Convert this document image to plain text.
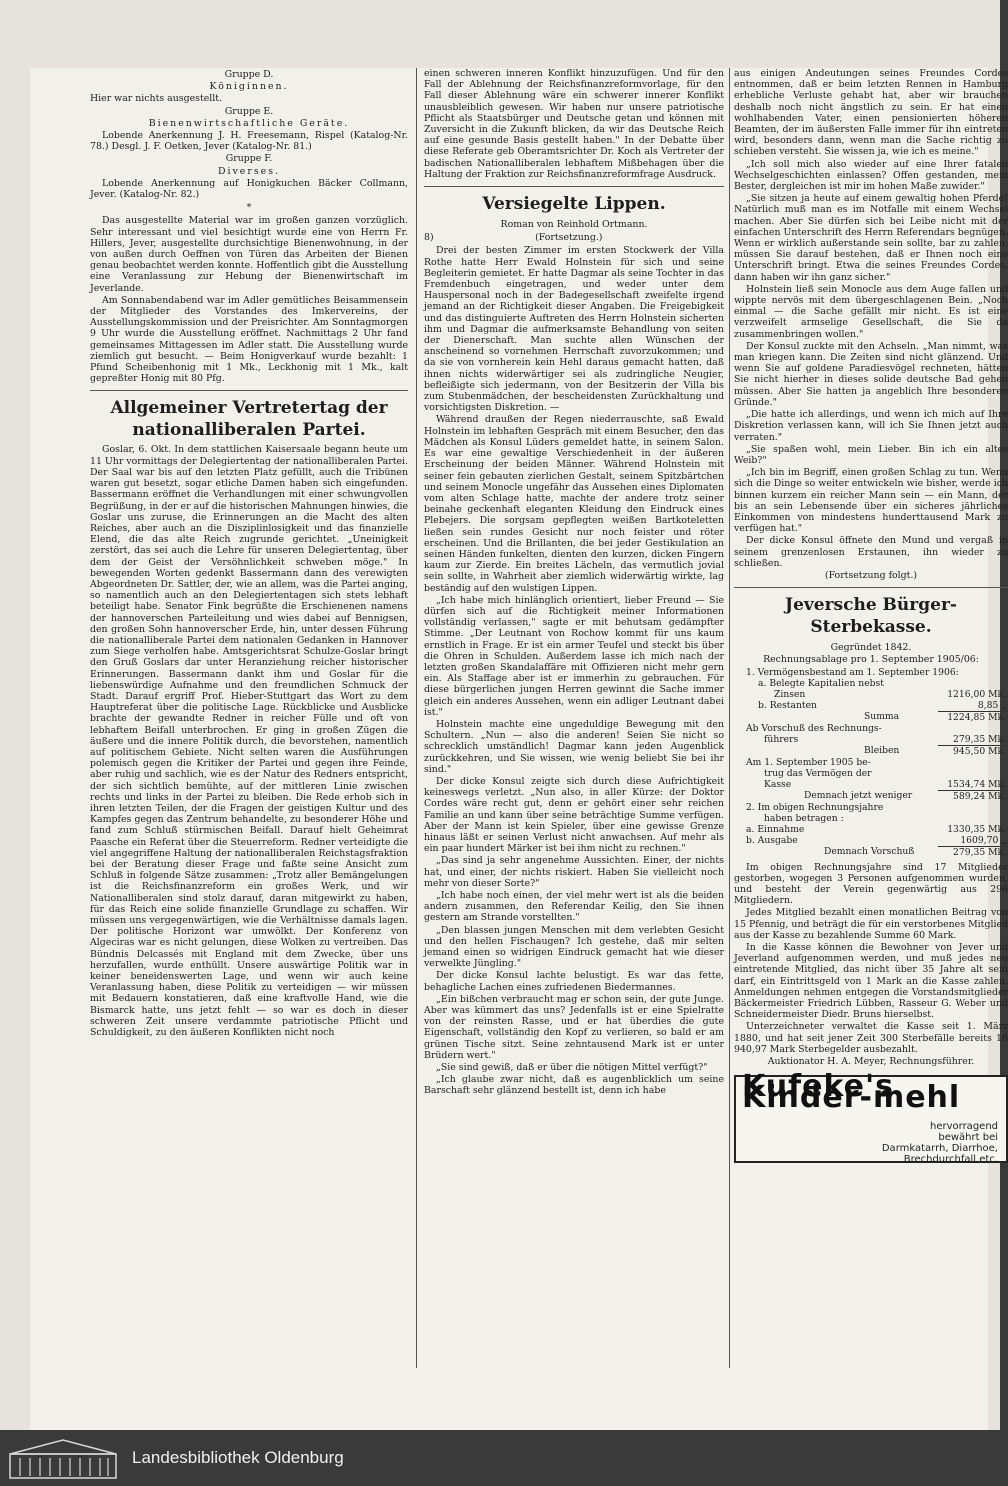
Gruppe D.
Königinnen.

Hier war nichts ausgestellt.

Gruppe E.
Bienenwirtschaftliche Geräte.

Lobende Anerkennung J. H. Freesemann, Rispel (Katalog-Nr. 78.) Desgl. J. F. Oetken, Jever (Katalog-Nr. 81.)

Gruppe F.
Diverses.

Lobende Anerkennung auf Honigkuchen Bäcker Collmann, Jever. (Katalog-Nr. 82.)

*

Das ausgestellte Material war im großen ganzen vorzüglich. Sehr interessant und viel besichtigt wurde eine von Herrn Fr. Hillers, Jever, ausgestellte durchsichtige Bienenwohnung, in der von außen durch Oeffnen von Türen das Arbeiten der Bienen genau beobachtet werden konnte. Hoffentlich gibt die Ausstellung eine Veranlassung zur Hebung der Bienenwirtschaft im Jeverlande.

Am Sonnabendabend war im Adler gemütliches Beisammensein der Mitglieder des Vorstandes des Imkervereins, der Ausstellungskommission und der Preisrichter. Am Sonntagmorgen 9 Uhr wurde die Ausstellung eröffnet. Nachmittags 2 Uhr fand gemeinsames Mittagessen im Adler statt. Die Ausstellung wurde ziemlich gut besucht. — Beim Honigverkauf wurde bezahlt: 1 Pfund Scheibenhonig mit 1 Mk., Leckhonig mit 1 Mk., kalt gepreßter Honig mit 80 Pfg.

Allgemeiner Vertretertag der nationalliberalen Partei.

Goslar, 6. Okt. In dem stattlichen Kaisersaale begann heute um 11 Uhr vormittags der Delegiertentag der nationalliberalen Partei. Der Saal war bis auf den letzten Platz gefüllt, auch die Tribünen waren gut besetzt, sogar etliche Damen haben sich eingefunden. Bassermann eröffnet die Verhandlungen mit einer schwungvollen Begrüßung, in der er auf die historischen Mahnungen hinwies, die Goslar uns zuruse, die Erinnerungen an die Macht des alten Reiches, aber auch an die Disziplinlosigkeit und das finanzielle Elend, die das alte Reich zugrunde gerichtet. „Uneinigkeit zerstört, das sei auch die Lehre für unseren Delegiertentag, über dem der Geist der Versöhnlichkeit schweben möge." In bewegenden Worten gedenkt Bassermann dann des verewigten Abgeordneten Dr. Sattler, der, wie an allem, was die Partei anging, so namentlich auch an den Delegiertentagen sich stets lebhaft beteiligt habe. Senator Fink begrüßte die Erschienenen namens der hannoverschen Parteileitung und wies dabei auf Bennigsen, den großen Sohn hannoverscher Erde, hin, unter dessen Führung die nationalliberale Partei dem nationalen Gedanken in Hannover zum Siege verholfen habe. Amtsgerichtsrat Schulze-Goslar bringt den Gruß Goslars dar unter Heranziehung reicher historischer Erinnerungen. Bassermann dankt ihm und Goslar für die liebenswürdige Aufnahme und den freundlichen Schmuck der Stadt. Darauf ergriff Prof. Hieber-Stuttgart das Wort zu dem Hauptreferat über die politische Lage. Rückblicke und Ausblicke brachte der gewandte Redner in reicher Fülle und oft von lebhaftem Beifall unterbrochen. Er ging in großen Zügen die äußere und die innere Politik durch, die bevorstehen, namentlich auf politischem Gebiete. Nicht selten waren die Ausführungen polemisch gegen die Kritiker der Partei und gegen ihre Feinde, aber ruhig und sachlich, wie es der Natur des Redners entspricht, der sich sichtlich bemühte, auf der mittleren Linie zwischen rechts und links in der Partei zu bleiben. Die Rede erhob sich in ihren letzten Teilen, der die Fragen der geistigen Kultur und des Kampfes gegen das Zentrum behandelte, zu besonderer Höhe und fand zum Schluß stürmischen Beifall. Darauf hielt Geheimrat Paasche ein Referat über die Steuerreform. Redner verteidigte die viel angegriffene Haltung der nationalliberalen Reichstagsfraktion bei der Beratung dieser Frage und faßte seine Ansicht zum Schluß in folgende Sätze zusammen: „Trotz aller Bemängelungen ist die Reichsfinanzreform ein großes Werk, und wir Nationalliberalen sind stolz darauf, daran mitgewirkt zu haben, für das Reich eine solide finanzielle Grundlage zu schaffen. Wir müssen uns vergegenwärtigen, wie die Verhältnisse damals lagen. Der politische Horizont war umwölkt. Der Konferenz von Algeciras war es nicht gelungen, diese Wolken zu vertreiben. Das Bündnis Delcassés mit England mit dem Zwecke, über uns herzufallen, wurde enthüllt. Unsere auswärtige Politik war in keiner beneidenswerten Lage, und wenn wir auch keine Veranlassung haben, diese Politik zu verteidigen — wir müssen mit Bedauern konstatieren, daß eine kraftvolle Hand, wie die Bismarck hatte, uns jetzt fehlt — so war es doch in dieser schweren Zeit unsere verdammte patriotische Pflicht und Schuldigkeit, zu den äußeren Konflikten nicht noch

einen schweren inneren Konflikt hinzuzufügen. Und für den Fall der Ablehnung der Reichsfinanzreformvorlage, für den Fall dieser Ablehnung wäre ein schwerer innerer Konflikt unausbleiblich gewesen. Wir haben nur unsere patriotische Pflicht als Staatsbürger und Deutsche getan und können mit Zuversicht in die Zukunft blicken, da wir das Deutsche Reich auf eine gesunde Basis gestellt haben." In der Debatte über diese Referate geb Oberamtsrichter Dr. Koch als Vertreter der badischen Nationalliberalen lebhaftem Mißbehagen über die Haltung der Fraktion zur Reichsfinanzreformfrage Ausdruck.

Versiegelte Lippen.
Roman von Reinhold Ortmann.
8)	(Fortsetzung.)

Drei der besten Zimmer im ersten Stockwerk der Villa Rothe hatte Herr Ewald Holnstein für sich und seine Begleiterin gemietet. Er hatte Dagmar als seine Tochter in das Fremdenbuch eingetragen, und weder unter dem Hauspersonal noch in der Badegesellschaft zweifelte irgend jemand an der Richtigkeit dieser Angaben. Die Freigebigkeit und das distinguierte Auftreten des Herrn Holnstein sicherten ihm und Dagmar die aufmerksamste Behandlung von seiten der Dienerschaft. Man suchte allen Wünschen der anscheinend so vornehmen Herrschaft zuvorzukommen; und da sie von vornherein kein Hehl daraus gemacht hatten, daß ihnen nichts widerwärtiger sei als zudringliche Neugier, befleißigte sich jedermann, von der Besitzerin der Villa bis zum Stubenmädchen, der bescheidensten Zurückhaltung und vorsichtigsten Diskretion. —

Während draußen der Regen niederrauschte, saß Ewald Holnstein im lebhaften Gespräch mit einem Besucher, den das Mädchen als Konsul Lüders gemeldet hatte, in seinem Salon. Es war eine gewaltige Verschiedenheit in der äußeren Erscheinung der beiden Männer. Während Holnstein mit seiner fein gebauten zierlichen Gestalt, seinem Spitzbärtchen und seinem Monocle ungefähr das Aussehen eines Diplomaten vom alten Schlage hatte, machte der andere trotz seiner beinahe geckenhaft eleganten Kleidung den Eindruck eines Plebejers. Die sorgsam gepflegten weißen Bartkoteletten ließen sein rundes Gesicht nur noch feister und röter erscheinen. Und die Brillanten, die bei jeder Gestikulation an seinen Händen funkelten, dienten den kurzen, dicken Fingern kaum zur Zierde. Ein breites Lächeln, das vermutlich jovial sein sollte, in Wahrheit aber ziemlich widerwärtig wirkte, lag beständig auf den wulstigen Lippen.

„Ich habe mich hinlänglich orientiert, lieber Freund — Sie dürfen sich auf die Richtigkeit meiner Informationen vollständig verlassen," sagte er mit behutsam gedämpfter Stimme. „Der Leutnant von Rochow kommt für uns kaum ernstlich in Frage. Er ist ein armer Teufel und steckt bis über die Ohren in Schulden. Außerdem lasse ich mich nach der letzten großen Skandalaffäre mit Offizieren nicht mehr gern ein. Als Staffage aber ist er immerhin zu gebrauchen. Für diese bürgerlichen jungen Herren gewinnt die Sache immer gleich ein anderes Aussehen, wenn ein adliger Leutnant dabei ist."

Holnstein machte eine ungeduldige Bewegung mit den Schultern. „Nun — also die anderen! Seien Sie nicht so schrecklich umständlich! Dagmar kann jeden Augenblick zurückkehren, und Sie wissen, wie wenig beliebt Sie bei ihr sind."

Der dicke Konsul zeigte sich durch diese Aufrichtigkeit keineswegs verletzt. „Nun also, in aller Kürze: der Doktor Cordes wäre recht gut, denn er gehört einer sehr reichen Familie an und kann über seine beträchtige Summe verfügen. Aber der Mann ist kein Spieler, über eine gewisse Grenze hinaus läßt er seinen Verlust nicht anwachsen. Auf mehr als ein paar hundert Märker ist bei ihm nicht zu rechnen."

„Das sind ja sehr angenehme Aussichten. Einer, der nichts hat, und einer, der nichts riskiert. Haben Sie vielleicht noch mehr von dieser Sorte?"

„Ich habe noch einen, der viel mehr wert ist als die beiden andern zusammen, den Referendar Keilig, den Sie ihnen gestern am Strande vorstellten."

„Den blassen jungen Menschen mit dem verlebten Gesicht und den hellen Fischaugen? Ich gestehe, daß mir selten jemand einen so widrigen Eindruck gemacht hat wie dieser verwelkte Jüngling."

Der dicke Konsul lachte belustigt. Es war das fette, behagliche Lachen eines zufriedenen Biedermannes.

„Ein bißchen verbraucht mag er schon sein, der gute Junge. Aber was kümmert das uns? Jedenfalls ist er eine Spielratte von der reinsten Rasse, und er hat überdies die gute Eigenschaft, vollständig den Kopf zu verlieren, so bald er am grünen Tische sitzt. Seine zehntausend Mark ist er unter Brüdern wert."

„Sie sind gewiß, daß er über die nötigen Mittel verfügt?"

„Ich glaube zwar nicht, daß es augenblicklich um seine Barschaft sehr glänzend bestellt ist, denn ich habe

aus einigen Andeutungen seines Freundes Cordes entnommen, daß er beim letzten Rennen in Hamburg erhebliche Verluste gehabt hat, aber wir brauchen deshalb noch nicht ängstlich zu sein. Er hat einen wohlhabenden Vater, einen pensionierten höheren Beamten, der im äußersten Falle immer für ihn eintreten wird, besonders dann, wenn man die Sache richtig zu schieben versteht. Sie wissen ja, wie ich es meine."

„Ich soll mich also wieder auf eine Ihrer fatalen Wechselgeschichten einlassen? Offen gestanden, mein Bester, dergleichen ist mir im hohen Maße zuwider."

„Sie sitzen ja heute auf einem gewaltig hohen Pferde! Natürlich muß man es im Notfalle mit einem Wechsel machen. Aber Sie dürfen sich bei Leibe nicht mit der einfachen Unterschrift des Herrn Referendars begnügen. Wenn er wirklich außerstande sein sollte, bar zu zahlen, müssen Sie darauf bestehen, daß er Ihnen noch eine Unterschrift bringt. Etwa die seines Freundes Cordes, dann haben wir ihn ganz sicher."

Holnstein ließ sein Monocle aus dem Auge fallen und wippte nervös mit dem übergeschlagenen Bein. „Noch einmal — die Sache gefällt mir nicht. Es ist eine verzweifelt armselige Gesellschaft, die Sie da zusammenbringen wollen."

Der Konsul zuckte mit den Achseln. „Man nimmt, was man kriegen kann. Die Zeiten sind nicht glänzend. Und wenn Sie auf goldene Paradiesvögel rechneten, hätten Sie nicht hierher in dieses solide deutsche Bad gehen müssen. Aber Sie hatten ja angeblich Ihre besonderen Gründe."

„Die hatte ich allerdings, und wenn ich mich auf Ihre Diskretion verlassen kann, will ich Sie Ihnen jetzt auch verraten."

„Sie spaßen wohl, mein Lieber. Bin ich ein altes Weib?"

„Ich bin im Begriff, einen großen Schlag zu tun. Wenn sich die Dinge so weiter entwickeln wie bisher, werde ich binnen kurzem ein reicher Mann sein — ein Mann, der bis an sein Lebensende über ein sicheres jährliches Einkommen von mindestens hunderttausend Mark zu verfügen hat."

Der dicke Konsul öffnete den Mund und vergaß in seinem grenzenlosen Erstaunen, ihn wieder zu schließen.

(Fortsetzung folgt.)
Jeversche Bürger-Sterbekasse.
Gegründet 1842.
Rechnungsablage pro 1. September 1905/06:
1. Vermögensbestand am 1. September 1906:	
a. Belegte Kapitalien nebst	
Zinsen	1216,00 Mk.
b. Restanten	8,85 „
Summa	1224,85 Mk.
Ab Vorschuß des Rechnungs-	
führers	279,35 Mk.
Bleiben	945,50 Mk.
Am 1. September 1905 be-	
trug das Vermögen der	
Kasse	1534,74 Mk.
Demnach jetzt weniger	589,24 Mk.
2. Im obigen Rechnungsjahre	
haben betragen :	
a. Einnahme	1330,35 Mk.
b. Ausgabe	1609,70 „
Demnach Vorschuß	279,35 Mk.

Im obigen Rechnungsjahre sind 17 Mitglieder gestorben, wogegen 3 Personen aufgenommen wurden, und besteht der Verein gegenwärtig aus 296 Mitgliedern.

Jedes Mitglied bezahlt einen monatlichen Beitrag von 15 Pfennig, und beträgt die für ein verstorbenes Mitglied aus der Kasse zu bezahlende Summe 60 Mark.

In die Kasse können die Bewohner von Jever und Jeverland aufgenommen werden, und muß jedes neu eintretende Mitglied, das nicht über 35 Jahre alt sein darf, ein Eintrittsgeld von 1 Mark an die Kasse zahlen. Anmeldungen nehmen entgegen die Vorstandsmitglieder Bäckermeister Friedrich Lübben, Rasseur G. Weber und Schneidermeister Diedr. Bruns hierselbst.

Unterzeichneter verwaltet die Kasse seit 1. März 1880, und hat seit jener Zeit 300 Sterbefälle bereits 16 940,97 Mark Sterbegelder ausbezahlt.

Auktionator H. A. Meyer, Rechnungsführer.
Kufeke's Kinder-mehl
hervorragend
bewährt bei
Darmkatarrh, Diarrhoe,
Brechdurchfall etc.
Landesbibliothek Oldenburg
